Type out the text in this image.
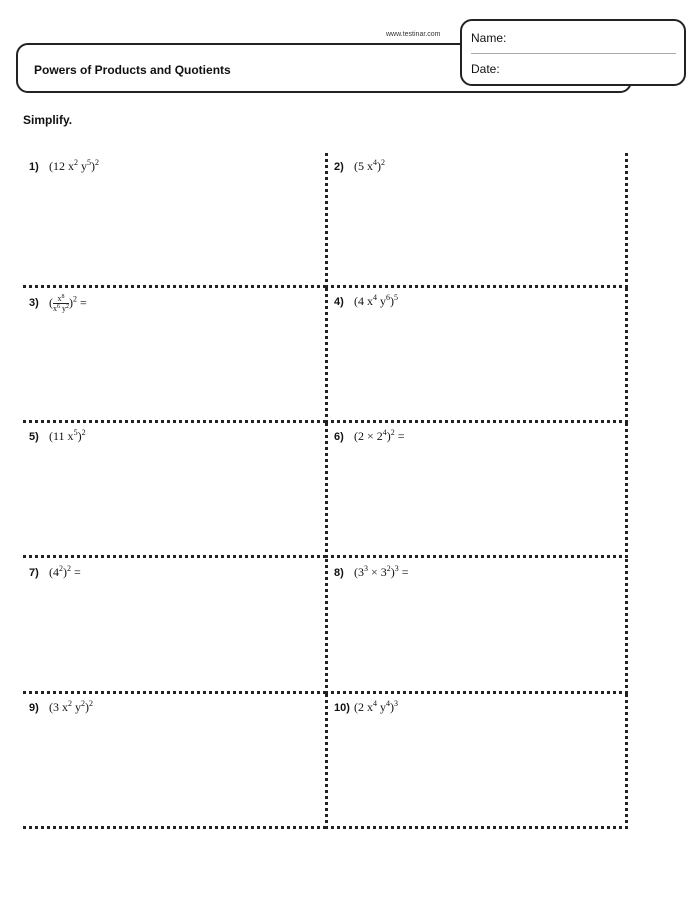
www.testinar.com
Powers of Products and Quotients
Name:
Date:
Simplify.
1) (12 $x^2$ $y^5)^2$	2) (5 $x^4)^2$
3) ( $\frac{x^8}{x^6 y^2} )^2$ =	4) (4 $x^4$ $y^6)^5$
5) (11 $x^5)^2$	6) $(2 \times 2^4)^2$ =
7) $(4^2)^2$ =	8) $(3^3 \times 3^2)^3$ =
9) (3 $x^2$ $y^2)^2$	10) (2 $x^4$ $y^4)^3$
